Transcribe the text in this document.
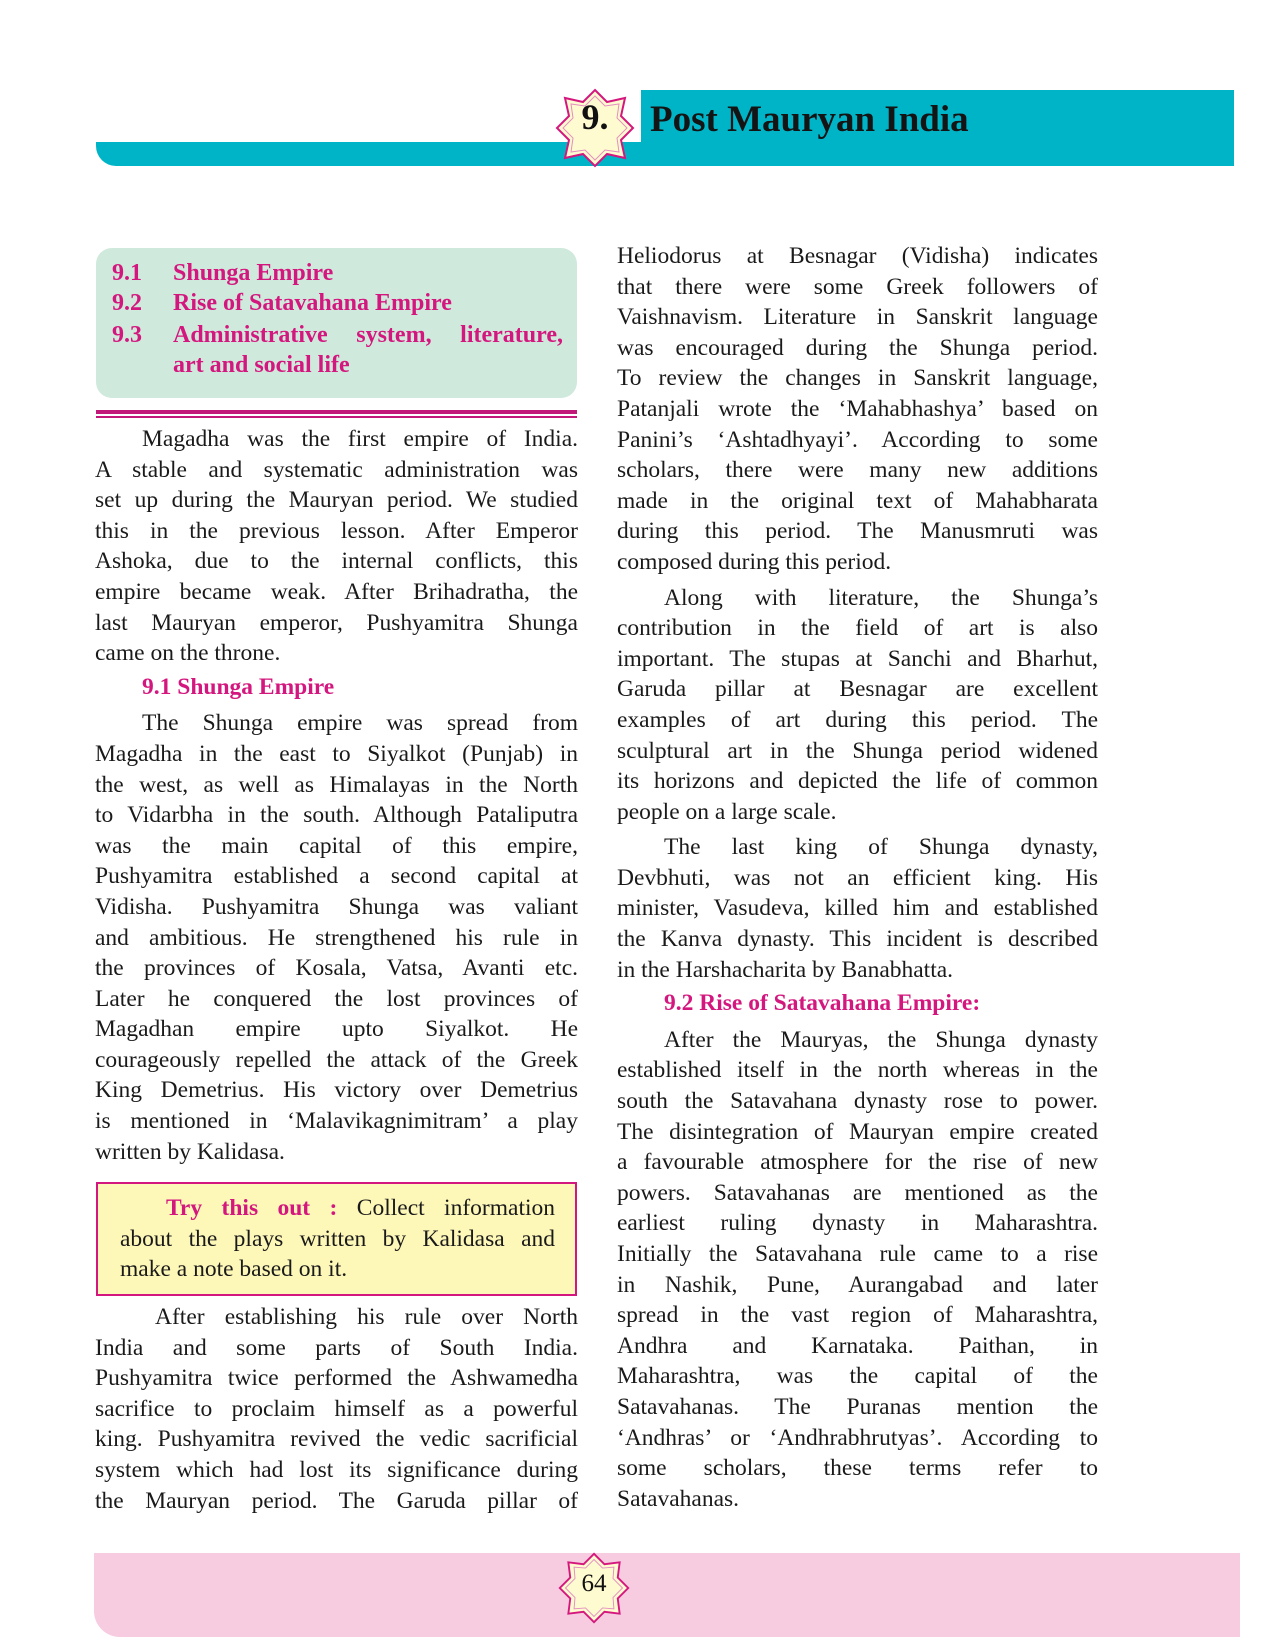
9.	Post Mauryan India
9.1	Shunga Empire
9.2	Rise of Satavahana Empire
9.3	Administrative system, literature,
art and social life
Magadha was the first empire of India.
A stable and systematic administration was
set up during the Mauryan period. We studied
this in the previous lesson. After Emperor
Ashoka, due to the internal conflicts, this
empire became weak. After Brihadratha, the
last Mauryan emperor, Pushyamitra Shunga
came on the throne.
9.1 Shunga Empire
The Shunga empire was spread from
Magadha in the east to Siyalkot (Punjab) in
the west, as well as Himalayas in the North
to Vidarbha in the south. Although Pataliputra
was the main capital of this empire,
Pushyamitra established a second capital at
Vidisha. Pushyamitra Shunga was valiant
and ambitious. He strengthened his rule in
the provinces of Kosala, Vatsa, Avanti etc.
Later he conquered the lost provinces of
Magadhan empire upto Siyalkot. He
courageously repelled the attack of the Greek
King Demetrius. His victory over Demetrius
is mentioned in ‘Malavikagnimitram’ a play
written by Kalidasa.
Try this out : Collect information
about the plays written by Kalidasa and
make a note based on it.
After establishing his rule over North
India and some parts of South India.
Pushyamitra twice performed the Ashwamedha
sacrifice to proclaim himself as a powerful
king. Pushyamitra revived the vedic sacrificial
system which had lost its significance during
the Mauryan period. The Garuda pillar of
Heliodorus at Besnagar (Vidisha) indicates
that there were some Greek followers of
Vaishnavism. Literature in Sanskrit language
was encouraged during the Shunga period.
To review the changes in Sanskrit language,
Patanjali wrote the ‘Mahabhashya’ based on
Panini’s ‘Ashtadhyayi’. According to some
scholars, there were many new additions
made in the original text of Mahabharata
during this period. The Manusmruti was
composed during this period.
Along with literature, the Shunga’s
contribution in the field of art is also
important. The stupas at Sanchi and Bharhut,
Garuda pillar at Besnagar are excellent
examples of art during this period. The
sculptural art in the Shunga period widened
its horizons and depicted the life of common
people on a large scale.
The last king of Shunga dynasty,
Devbhuti, was not an efficient king. His
minister, Vasudeva, killed him and established
the Kanva dynasty. This incident is described
in the Harshacharita by Banabhatta.
9.2 Rise of Satavahana Empire:
After the Mauryas, the Shunga dynasty
established itself in the north whereas in the
south the Satavahana dynasty rose to power.
The disintegration of Mauryan empire created
a favourable atmosphere for the rise of new
powers. Satavahanas are mentioned as the
earliest ruling dynasty in Maharashtra.
Initially the Satavahana rule came to a rise
in Nashik, Pune, Aurangabad and later
spread in the vast region of Maharashtra,
Andhra and Karnataka. Paithan, in
Maharashtra, was the capital of the
Satavahanas. The Puranas mention the
‘Andhras’ or ‘Andhrabhrutyas’. According to
some scholars, these terms refer to
Satavahanas.
64
